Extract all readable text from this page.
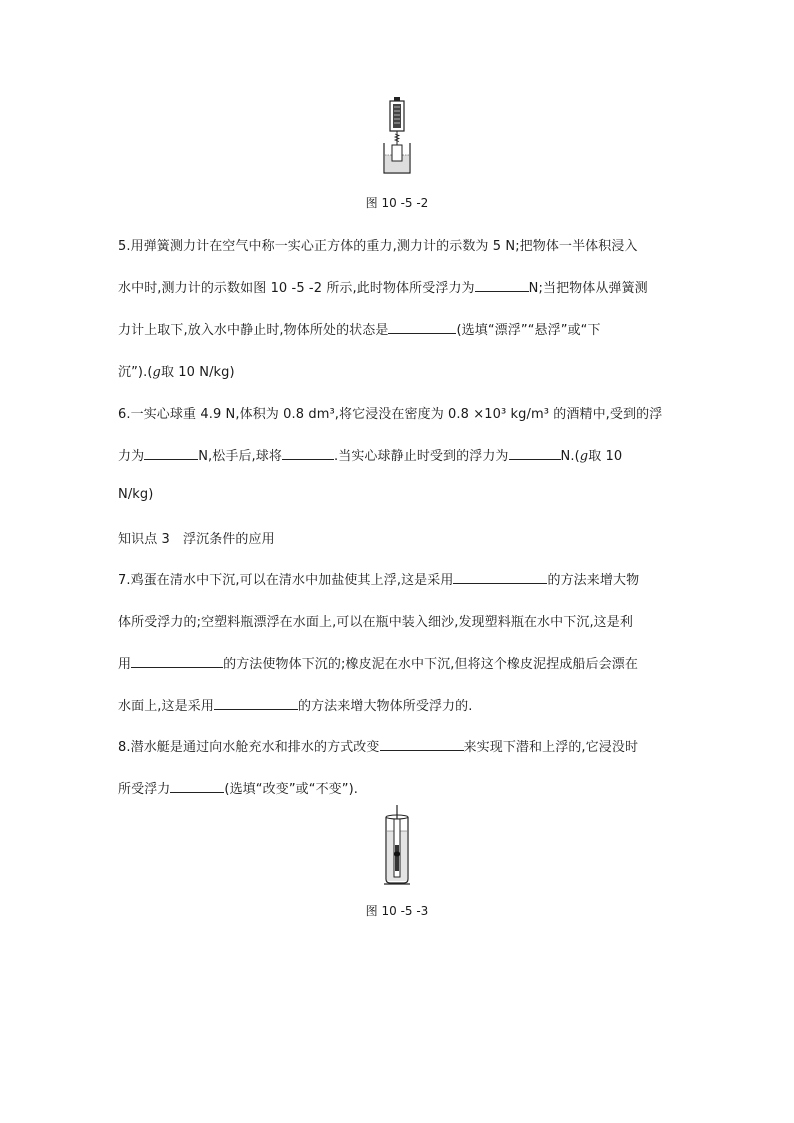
图 10 -5 -2
5.用弹簧测力计在空气中称一实心正方体的重力,测力计的示数为 5 N;把物体一半体积浸入
水中时,测力计的示数如图 10 -5 -2 所示,此时物体所受浮力为	N;当把物体从弹簧测
力计上取下,放入水中静止时,物体所处的状态是	(选填“漂浮”“悬浮”或“下
沉”).(g取 10 N/kg)
6.一实心球重 4.9 N,体积为 0.8 dm³,将它浸没在密度为 0.8 ×10³ kg/m³ 的酒精中,受到的浮
力为	N,松手后,球将	.当实心球静止时受到的浮力为	N.(g取 10
N/kg)
知识点 3　浮沉条件的应用
7.鸡蛋在清水中下沉,可以在清水中加盐使其上浮,这是采用	的方法来增大物
体所受浮力的;空塑料瓶漂浮在水面上,可以在瓶中装入细沙,发现塑料瓶在水中下沉,这是利
用	的方法使物体下沉的;橡皮泥在水中下沉,但将这个橡皮泥捏成船后会漂在
水面上,这是采用	的方法来增大物体所受浮力的.
8.潜水艇是通过向水舱充水和排水的方式改变	来实现下潜和上浮的,它浸没时
所受浮力	(选填“改变”或“不变”).
图 10 -5 -3
